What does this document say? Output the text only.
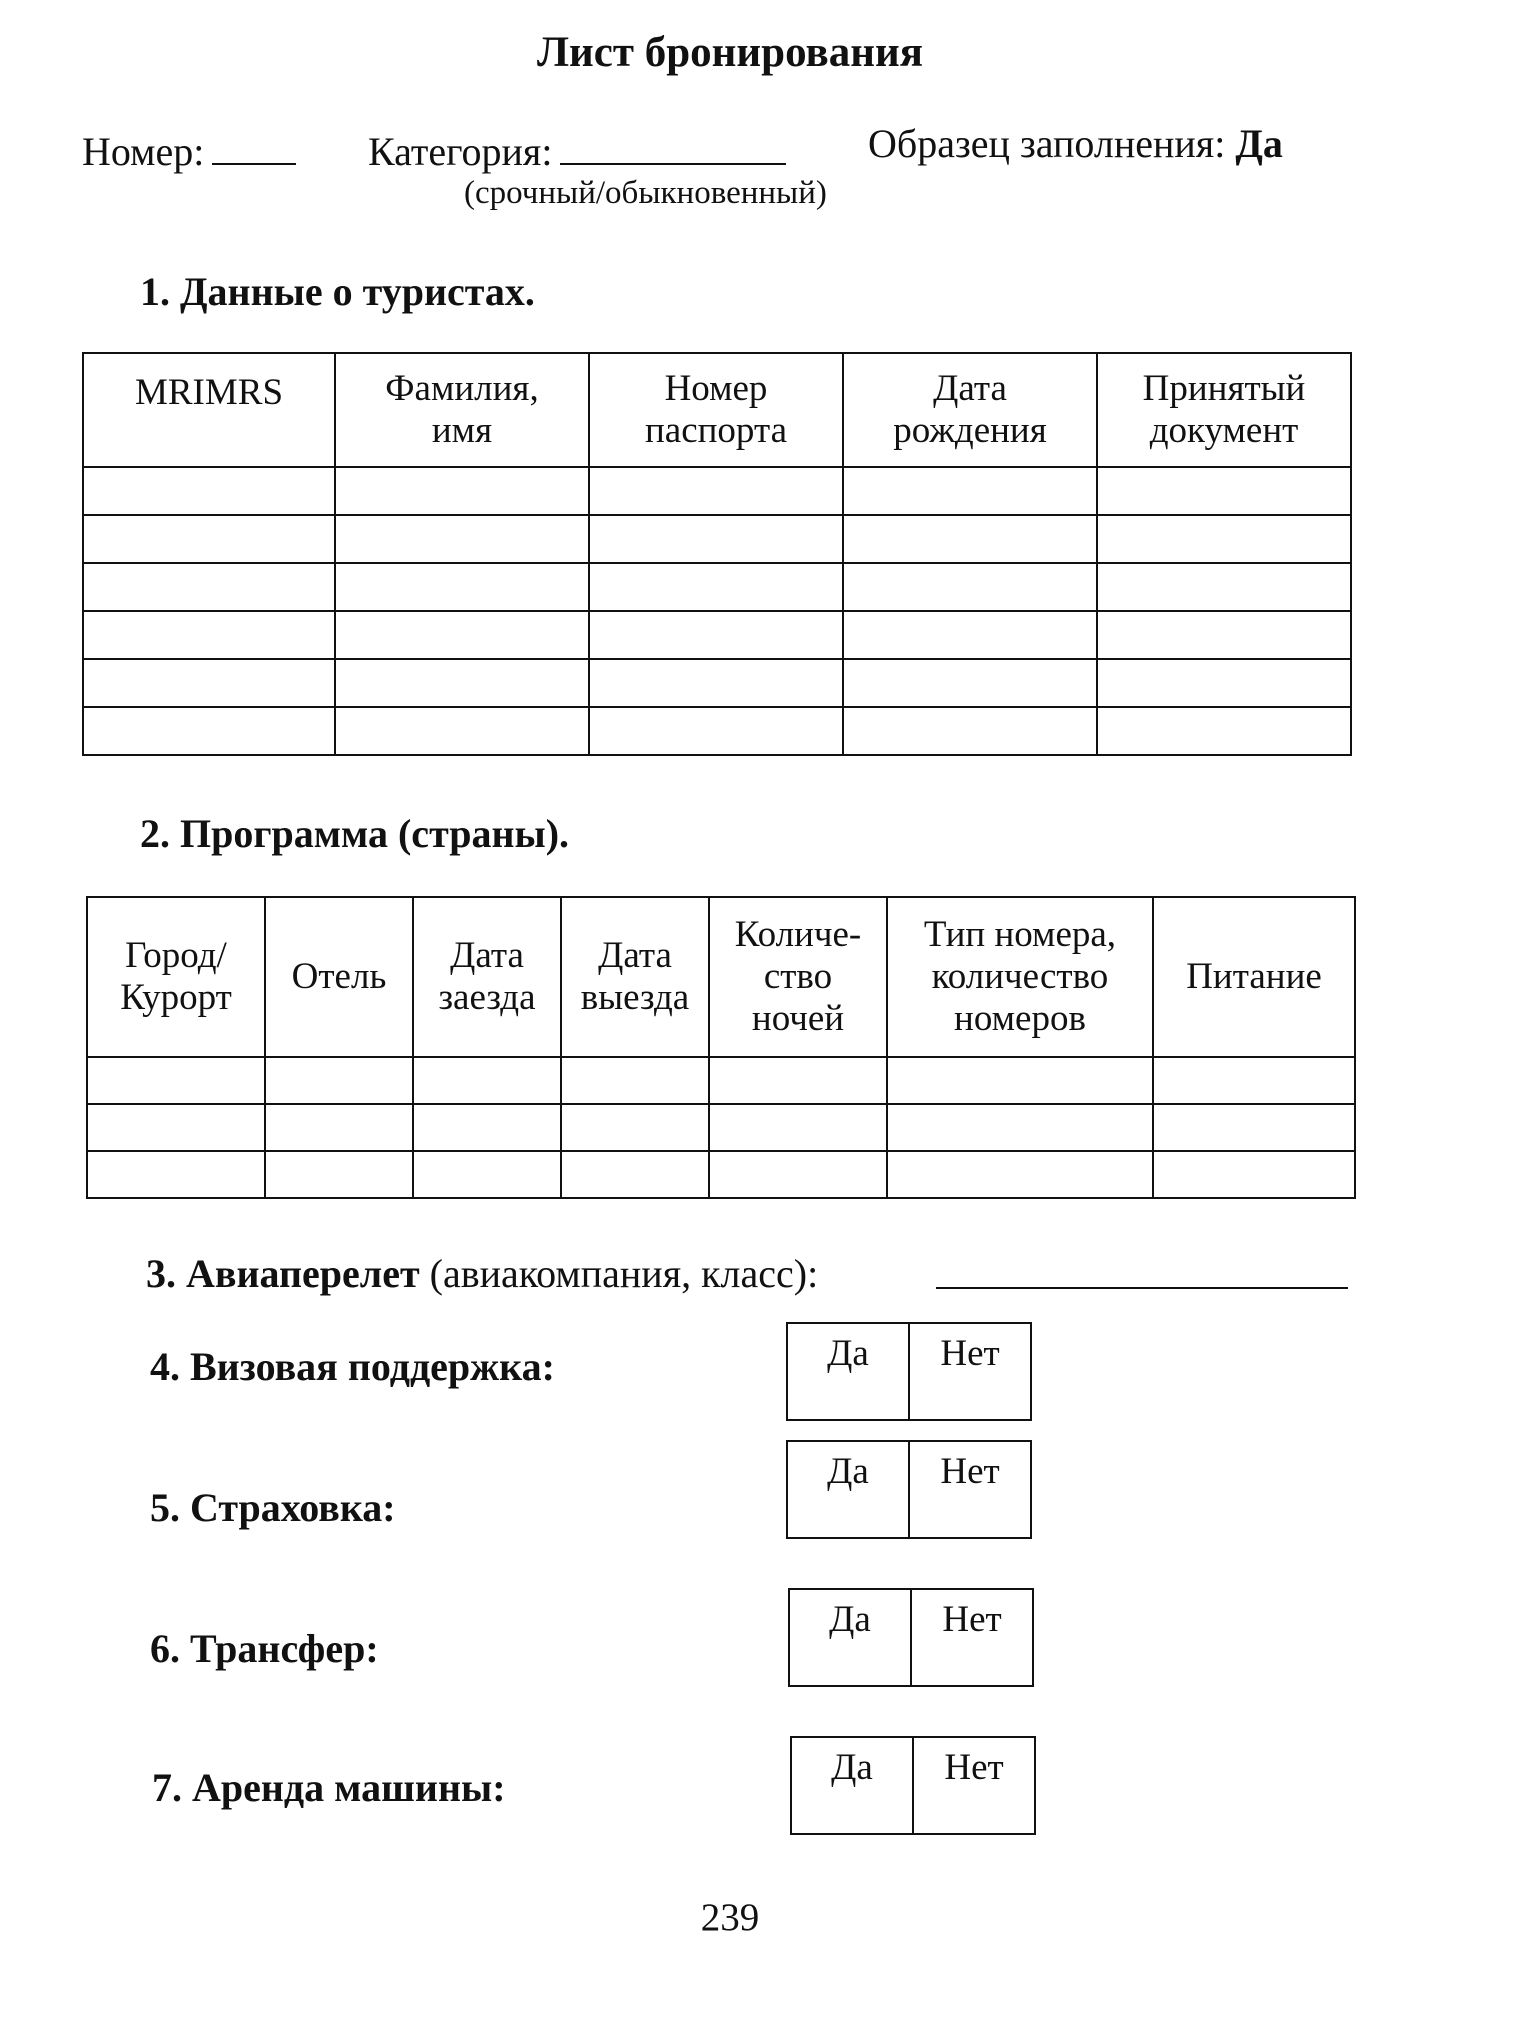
Лист бронирования
Номер:	Категория:	Образец заполнения: Да
(срочный/обыкновенный)
1. Данные о туристах.
MRIMRS	Фамилия, имя	Номер паспорта	Дата рождения	Принятый документ

2. Программа (страны).
Город/ Курорт	Отель	Дата заезда	Дата выезда	Количе- ство ночей	Тип номера, количество номеров	Питание

3. Авиаперелет (авиакомпания, класс):
4. Визовая поддержка:	Да	Нет
5. Страховка:
Да	Нет
6. Трансфер:
Да	Нет
7. Аренда машины:	Да	Нет
239
